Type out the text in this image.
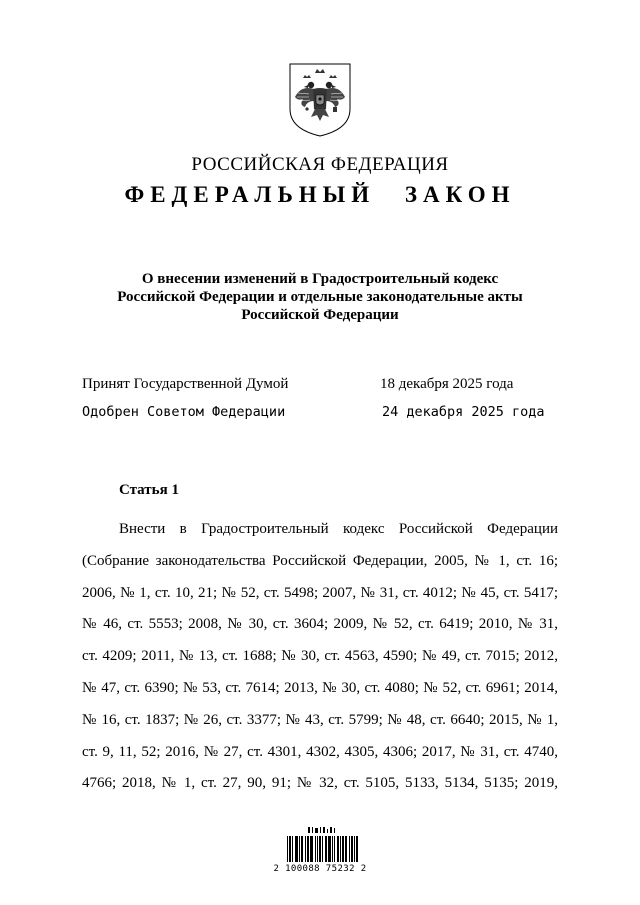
РОССИЙСКАЯ ФЕДЕРАЦИЯ
ФЕДЕРАЛЬНЫЙ ЗАКОН
О внесении изменений в Градостроительный кодекс
Российской Федерации и отдельные законодательные акты
Российской Федерации
Принят Государственной Думой	18 декабря 2025 года
Одобрен Советом Федерации	24 декабря 2025 года
Статья 1
Внести в Градостроительный кодекс Российской Федерации
(Собрание законодательства Российской Федерации, 2005, № 1, ст. 16;
2006, № 1, ст. 10, 21; № 52, ст. 5498; 2007, № 31, ст. 4012; № 45, ст. 5417;
№ 46, ст. 5553; 2008, № 30, ст. 3604; 2009, № 52, ст. 6419; 2010, № 31,
ст. 4209; 2011, № 13, ст. 1688; № 30, ст. 4563, 4590; № 49, ст. 7015; 2012,
№ 47, ст. 6390; № 53, ст. 7614; 2013, № 30, ст. 4080; № 52, ст. 6961; 2014,
№ 16, ст. 1837; № 26, ст. 3377; № 43, ст. 5799; № 48, ст. 6640; 2015, № 1,
ст. 9, 11, 52; 2016, № 27, ст. 4301, 4302, 4305, 4306; 2017, № 31, ст. 4740,
4766; 2018, № 1, ст. 27, 90, 91; № 32, ст. 5105, 5133, 5134, 5135; 2019,
2 100088 75232 2
